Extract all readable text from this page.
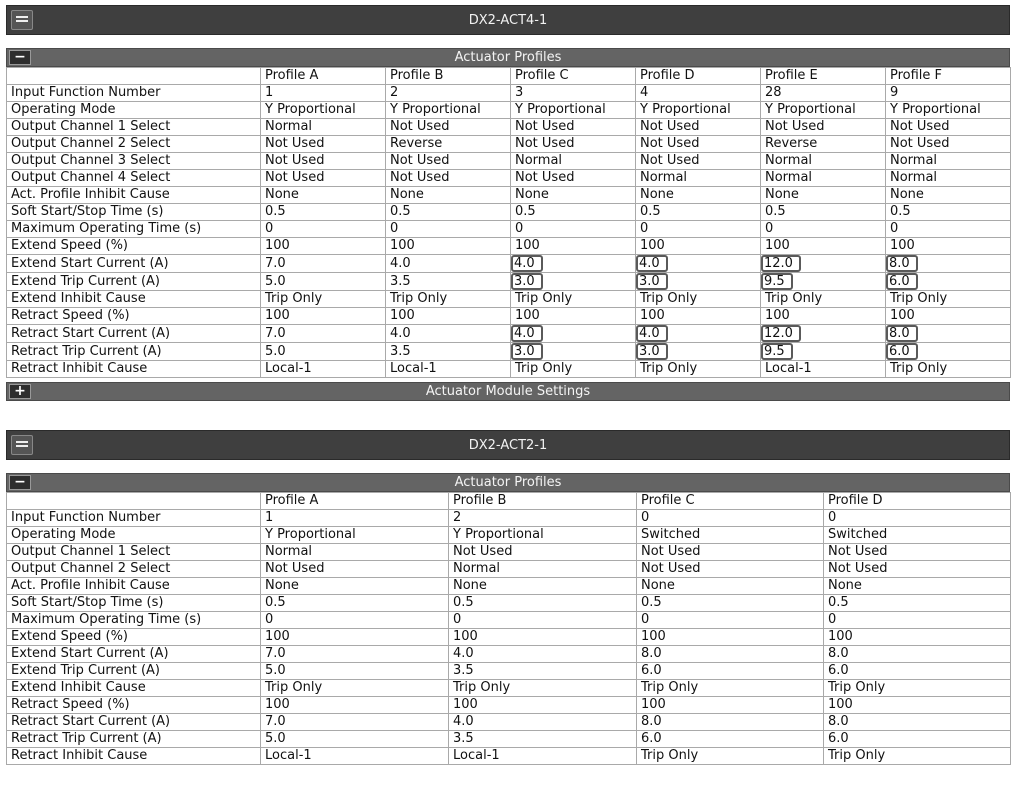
DX2-ACT4-1
−	Actuator Profiles
	Profile A	Profile B	Profile C	Profile D	Profile E	Profile F
Input Function Number	1	2	3	4	28	9
Operating Mode	Y Proportional	Y Proportional	Y Proportional	Y Proportional	Y Proportional	Y Proportional
Output Channel 1 Select	Normal	Not Used	Not Used	Not Used	Not Used	Not Used
Output Channel 2 Select	Not Used	Reverse	Not Used	Not Used	Reverse	Not Used
Output Channel 3 Select	Not Used	Not Used	Normal	Not Used	Normal	Normal
Output Channel 4 Select	Not Used	Not Used	Not Used	Normal	Normal	Normal
Act. Profile Inhibit Cause	None	None	None	None	None	None
Soft Start/Stop Time (s)	0.5	0.5	0.5	0.5	0.5	0.5
Maximum Operating Time (s)	0	0	0	0	0	0
Extend Speed (%)	100	100	100	100	100	100
Extend Start Current (A)	7.0	4.0	4.0	4.0	12.0	8.0
Extend Trip Current (A)	5.0	3.5	3.0	3.0	9.5	6.0
Extend Inhibit Cause	Trip Only	Trip Only	Trip Only	Trip Only	Trip Only	Trip Only
Retract Speed (%)	100	100	100	100	100	100
Retract Start Current (A)	7.0	4.0	4.0	4.0	12.0	8.0
Retract Trip Current (A)	5.0	3.5	3.0	3.0	9.5	6.0
Retract Inhibit Cause	Local-1	Local-1	Trip Only	Trip Only	Local-1	Trip Only
+	Actuator Module Settings
DX2-ACT2-1
−	Actuator Profiles
	Profile A	Profile B	Profile C	Profile D
Input Function Number	1	2	0	0
Operating Mode	Y Proportional	Y Proportional	Switched	Switched
Output Channel 1 Select	Normal	Not Used	Not Used	Not Used
Output Channel 2 Select	Not Used	Normal	Not Used	Not Used
Act. Profile Inhibit Cause	None	None	None	None
Soft Start/Stop Time (s)	0.5	0.5	0.5	0.5
Maximum Operating Time (s)	0	0	0	0
Extend Speed (%)	100	100	100	100
Extend Start Current (A)	7.0	4.0	8.0	8.0
Extend Trip Current (A)	5.0	3.5	6.0	6.0
Extend Inhibit Cause	Trip Only	Trip Only	Trip Only	Trip Only
Retract Speed (%)	100	100	100	100
Retract Start Current (A)	7.0	4.0	8.0	8.0
Retract Trip Current (A)	5.0	3.5	6.0	6.0
Retract Inhibit Cause	Local-1	Local-1	Trip Only	Trip Only
